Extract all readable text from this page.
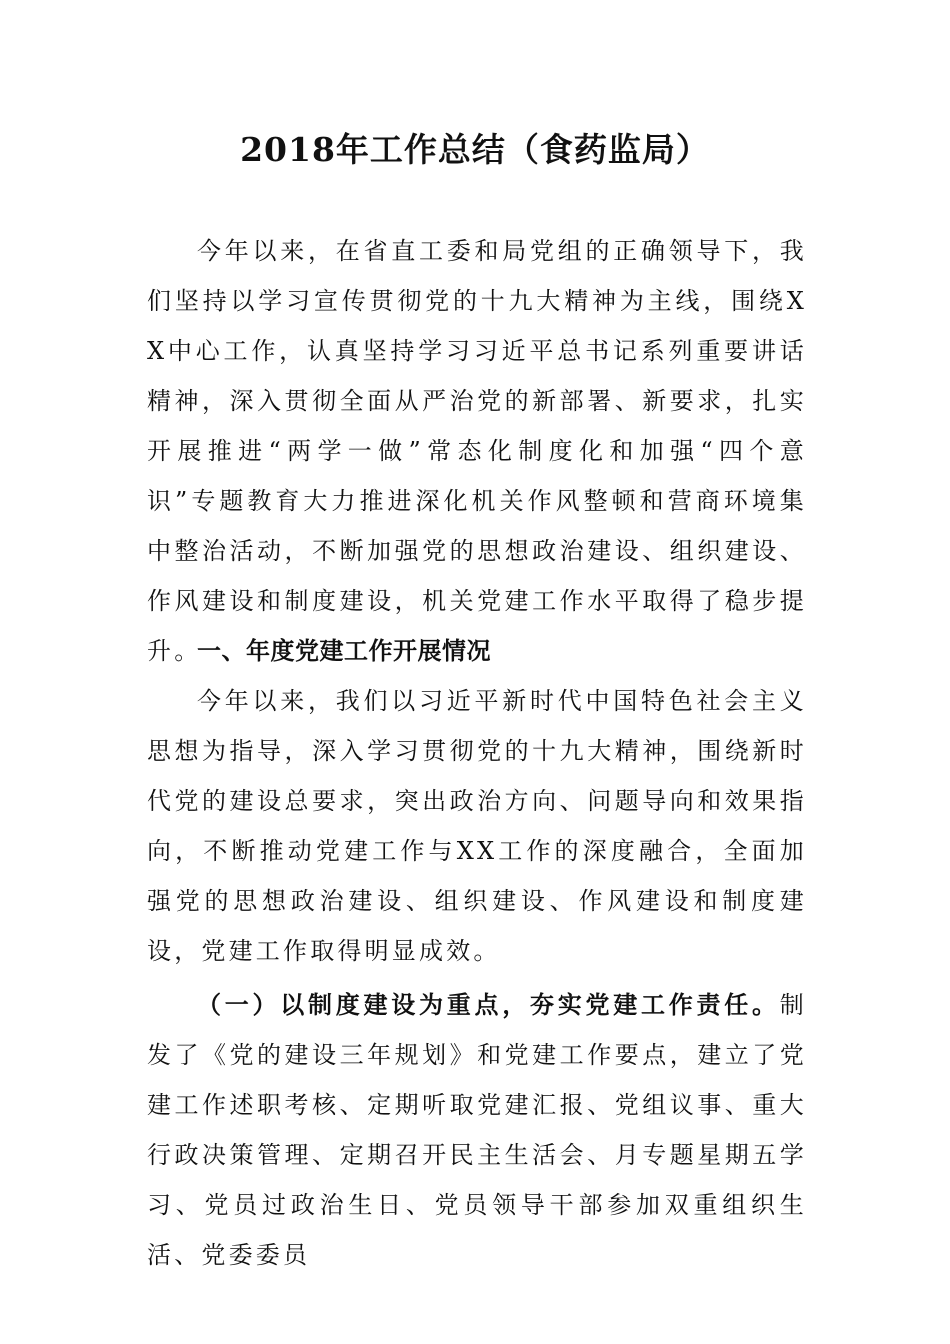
2018年工作总结（食药监局）

今年以来，在省直工委和局党组的正确领导下，我们坚持以学习宣传贯彻党的十九大精神为主线，围绕XX中心工作，认真坚持学习习近平总书记系列重要讲话精神，深入贯彻全面从严治党的新部署、新要求，扎实开展推进“两学一做”常态化制度化和加强“四个意识”专题教育大力推进深化机关作风整顿和营商环境集中整治活动，不断加强党的思想政治建设、组织建设、作风建设和制度建设，机关党建工作水平取得了稳步提升。

一、年度党建工作开展情况

今年以来，我们以习近平新时代中国特色社会主义思想为指导，深入学习贯彻党的十九大精神，围绕新时代党的建设总要求，突出政治方向、问题导向和效果指向，不断推动党建工作与XX工作的深度融合，全面加强党的思想政治建设、组织建设、作风建设和制度建设，党建工作取得明显成效。

（一）以制度建设为重点，夯实党建工作责任。制发了《党的建设三年规划》和党建工作要点，建立了党建工作述职考核、定期听取党建汇报、党组议事、重大行政决策管理、定期召开民主生活会、月专题星期五学习、党员过政治生日、党员领导干部参加双重组织生活、党委委员
